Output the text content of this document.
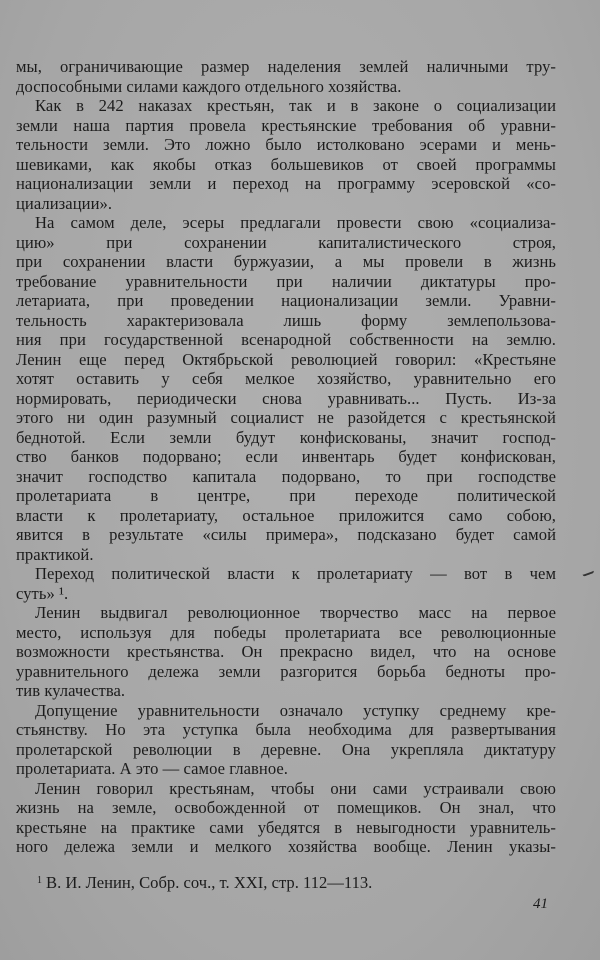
мы, ограничивающие размер наделения землей наличными тру-
доспособными силами каждого отдельного хозяйства.
Как в 242 наказах крестьян, так и в законе о социализации
земли наша партия провела крестьянские требования об уравни-
тельности земли. Это ложно было истолковано эсерами и мень-
шевиками, как якобы отказ большевиков от своей программы
национализации земли и переход на программу эсеровской «со-
циализации».
На самом деле, эсеры предлагали провести свою «социализа-
цию» при сохранении капиталистического строя,
при сохранении власти буржуазии, а мы провели в жизнь
требование уравнительности при наличии диктатуры про-
летариата, при проведении национализации земли. Уравни-
тельность характеризовала лишь форму землепользова-
ния при государственной всенародной собственности на землю.
Ленин еще перед Октябрьской революцией говорил: «Крестьяне
хотят оставить у себя мелкое хозяйство, уравнительно его
нормировать, периодически снова уравнивать... Пусть. Из-за
этого ни один разумный социалист не разойдется с крестьянской
беднотой. Если земли будут конфискованы, значит господ-
ство банков подорвано; если инвентарь будет конфискован,
значит господство капитала подорвано, то при господстве
пролетариата в центре, при переходе политической
власти к пролетариату, остальное приложится само собою,
явится в результате «силы примера», подсказано будет самой
практикой.
Переход политической власти к пролетариату — вот в чем
суть» ¹.
Ленин выдвигал революционное творчество масс на первое
место, используя для победы пролетариата все революционные
возможности крестьянства. Он прекрасно видел, что на основе
уравнительного дележа земли разгорится борьба бедноты про-
тив кулачества.
Допущение уравнительности означало уступку среднему кре-
стьянству. Но эта уступка была необходима для развертывания
пролетарской революции в деревне. Она укрепляла диктатуру
пролетариата. А это — самое главное.
Ленин говорил крестьянам, чтобы они сами устраивали свою
жизнь на земле, освобожденной от помещиков. Он знал, что
крестьяне на практике сами убедятся в невыгодности уравнитель-
ного дележа земли и мелкого хозяйства вообще. Ленин указы-
$^1$ В. И. Ленин, Собр. соч., т. XXI, стр. 112—113.
41
